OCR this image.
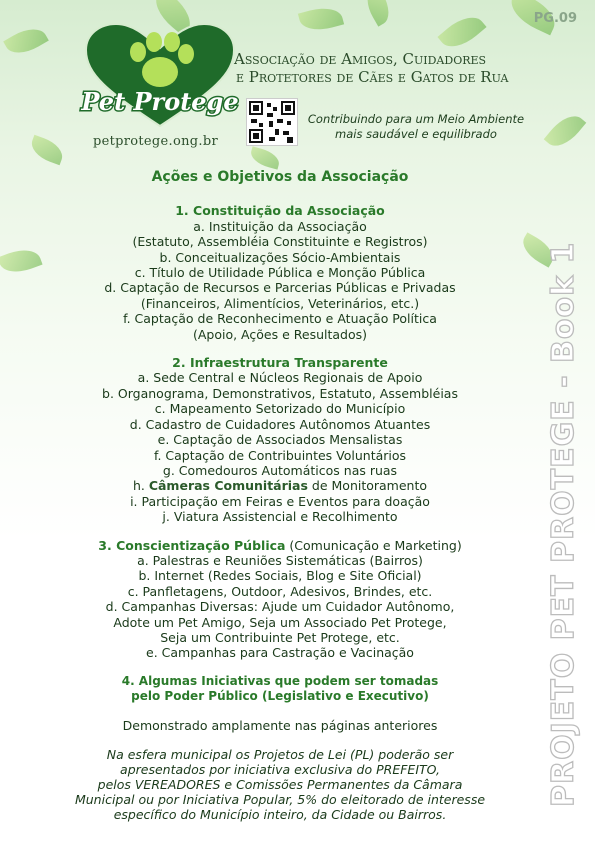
PG.09
Pet Protege
petprotege.ong.br
Associação de Amigos, Cuidadores
e Protetores de Cães e Gatos de Rua
Contribuindo para um Meio Ambiente
mais saudável e equilibrado
PROJETO PET PROTEGE - Book 1
Ações e Objetivos da Associação
1. Constituição da Associação
a. Instituição da Associação
(Estatuto, Assembléia Constituinte e Registros)
b. Conceitualizações Sócio-Ambientais
c. Título de Utilidade Pública e Monção Pública
d. Captação de Recursos e Parcerias Públicas e Privadas
(Financeiros, Alimentícios, Veterinários, etc.)
f. Captação de Reconhecimento e Atuação Política
(Apoio, Ações e Resultados)
2. Infraestrutura Transparente
a. Sede Central e Núcleos Regionais de Apoio
b. Organograma, Demonstrativos, Estatuto, Assembléias
c. Mapeamento Setorizado do Município
d. Cadastro de Cuidadores Autônomos Atuantes
e. Captação de Associados Mensalistas
f. Captação de Contribuintes Voluntários
g. Comedouros Automáticos nas ruas
h. Câmeras Comunitárias de Monitoramento
i. Participação em Feiras e Eventos para doação
j. Viatura Assistencial e Recolhimento
3. Conscientização Pública (Comunicação e Marketing)
a. Palestras e Reuniões Sistemáticas (Bairros)
b. Internet (Redes Sociais, Blog e Site Oficial)
c. Panfletagens, Outdoor, Adesivos, Brindes, etc.
d. Campanhas Diversas: Ajude um Cuidador Autônomo,
Adote um Pet Amigo, Seja um Associado Pet Protege,
Seja um Contribuinte Pet Protege, etc.
e. Campanhas para Castração e Vacinação
4. Algumas Iniciativas que podem ser tomadas
pelo Poder Público (Legislativo e Executivo)
Demonstrado amplamente nas páginas anteriores
Na esfera municipal os Projetos de Lei (PL) poderão ser
apresentados por iniciativa exclusiva do PREFEITO,
pelos VEREADORES e Comissões Permanentes da Câmara
Municipal ou por Iniciativa Popular, 5% do eleitorado de interesse
específico do Município inteiro, da Cidade ou Bairros.
